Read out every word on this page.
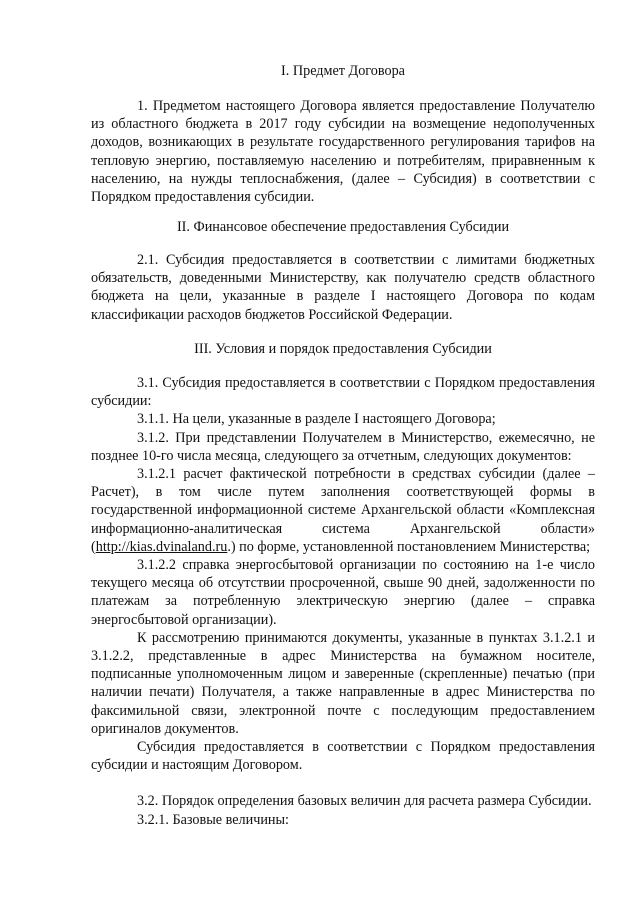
I. Предмет Договора

1. Предметом настоящего Договора является предоставление Получателю из областного бюджета в 2017 году субсидии на возмещение недополученных доходов, возникающих в результате государственного регулирования тарифов на тепловую энергию, поставляемую населению и потребителям, приравненным к населению, на нужды теплоснабжения, (далее – Субсидия) в соответствии с Порядком предоставления субсидии.

II. Финансовое обеспечение предоставления Субсидии

2.1. Субсидия предоставляется в соответствии с лимитами бюджетных обязательств, доведенными Министерству, как получателю средств областного бюджета на цели, указанные в разделе I настоящего Договора по кодам классификации расходов бюджетов Российской Федерации.

III. Условия и порядок предоставления Субсидии

3.1. Субсидия предоставляется в соответствии с Порядком предоставления субсидии:

3.1.1. На цели, указанные в разделе I настоящего Договора;

3.1.2. При представлении Получателем в Министерство, ежемесячно, не позднее 10-го числа месяца, следующего за отчетным, следующих документов:

3.1.2.1 расчет фактической потребности в средствах субсидии (далее – Расчет), в том числе путем заполнения соответствующей формы в государственной информационной системе Архангельской области «Комплексная информационно-аналитическая система Архангельской области» (http://kias.dvinaland.ru.) по форме, установленной постановлением Министерства;

3.1.2.2 справка энергосбытовой организации по состоянию на 1-е число текущего месяца об отсутствии просроченной, свыше 90 дней, задолженности по платежам за потребленную электрическую энергию (далее – справка энергосбытовой организации).

К рассмотрению принимаются документы, указанные в пунктах 3.1.2.1 и 3.1.2.2, представленные в адрес Министерства на бумажном носителе, подписанные уполномоченным лицом и заверенные (скрепленные) печатью (при наличии печати) Получателя, а также направленные в адрес Министерства по факсимильной связи, электронной почте с последующим предоставлением оригиналов документов.

Субсидия предоставляется в соответствии с Порядком предоставления субсидии и настоящим Договором.

3.2. Порядок определения базовых величин для расчета размера Субсидии.

3.2.1. Базовые величины:
